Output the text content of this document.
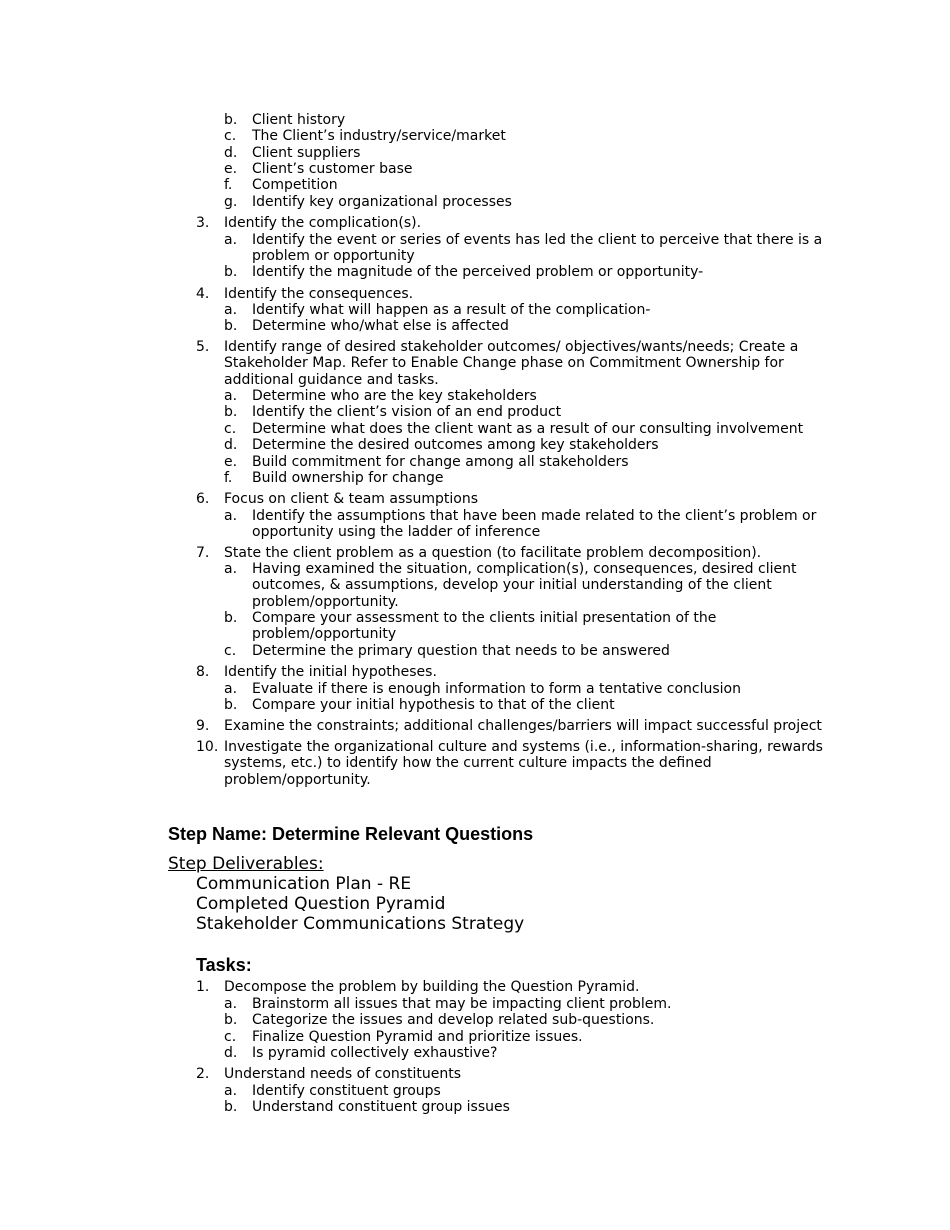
b. Client history
c. The Client’s industry/service/market
d. Client suppliers
e. Client’s customer base
f. Competition
g. Identify key organizational processes
3.	Identify the complication(s).
a.	Identify the event or series of events has led the client to perceive that there is a problem or opportunity
b.	Identify the magnitude of the perceived problem or opportunity-
4.	Identify the consequences.
a.	Identify what will happen as a result of the complication-
b.	Determine who/what else is affected
5.	Identify range of desired stakeholder outcomes/ objectives/wants/needs; Create a Stakeholder Map. Refer to Enable Change phase on Commitment Ownership for additional guidance and tasks.
a.	Determine who are the key stakeholders
b.	Identify the client’s vision of an end product
c.	Determine what does the client want as a result of our consulting involvement
d.	Determine the desired outcomes among key stakeholders
e.	Build commitment for change among all stakeholders
f.	Build ownership for change
6.	Focus on client & team assumptions
a.	Identify the assumptions that have been made related to the client’s problem or opportunity using the ladder of inference
7.	State the client problem as a question (to facilitate problem decomposition).
a.	Having examined the situation, complication(s), consequences, desired client outcomes, & assumptions, develop your initial understanding of the client problem/opportunity.
b.	Compare your assessment to the clients initial presentation of the problem/opportunity
c.	Determine the primary question that needs to be answered
8.	Identify the initial hypotheses.
a.	Evaluate if there is enough information to form a tentative conclusion
b.	Compare your initial hypothesis to that of the client
9.	Examine the constraints; additional challenges/barriers will impact successful project
10. Investigate the organizational culture and systems (i.e., information-sharing, rewards systems, etc.) to identify how the current culture impacts the defined problem/opportunity.
Step Name: Determine Relevant Questions
Step Deliverables:
Communication Plan - RE
Completed Question Pyramid
Stakeholder Communications Strategy
Tasks:
1.	Decompose the problem by building the Question Pyramid.
a.	Brainstorm all issues that may be impacting client problem.
b.	Categorize the issues and develop related sub-questions.
c.	Finalize Question Pyramid and prioritize issues.
d.	Is pyramid collectively exhaustive?
2.	Understand needs of constituents
a.	Identify constituent groups
b.	Understand constituent group issues
